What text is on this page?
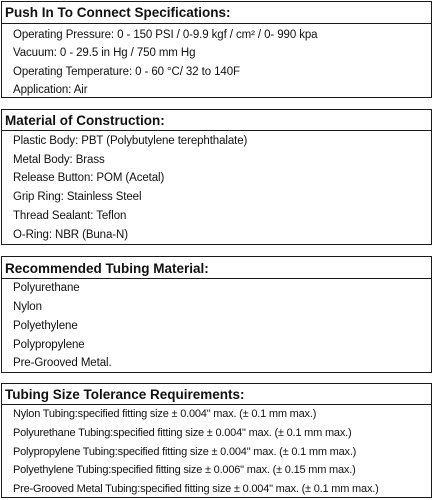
Push In To Connect Specifications:
Operating Pressure: 0 - 150 PSI / 0-9.9 kgf / cm² / 0- 990 kpa
Vacuum: 0 - 29.5 in Hg / 750 mm Hg
Operating Temperature: 0 - 60 °C/ 32 to 140F
Application: Air
Material of Construction:
Plastic Body: PBT (Polybutylene terephthalate)
Metal Body: Brass
Release Button: POM (Acetal)
Grip Ring: Stainless Steel
Thread Sealant: Teflon
O-Ring: NBR (Buna-N)
Recommended Tubing Material:
Polyurethane
Nylon
Polyethylene
Polypropylene
Pre-Grooved Metal.
Tubing Size Tolerance Requirements:
Nylon Tubing:specified fitting size ± 0.004" max. (± 0.1 mm max.)
Polyurethane Tubing:specified fitting size ± 0.004" max. (± 0.1 mm max.)
Polypropylene Tubing:specified fitting size ± 0.004" max. (± 0.1 mm max.)
Polyethylene Tubing:specified fitting size ± 0.006" max. (± 0.15 mm max.)
Pre-Grooved Metal Tubing:specified fitting size ± 0.004" max. (± 0.1 mm max.)
